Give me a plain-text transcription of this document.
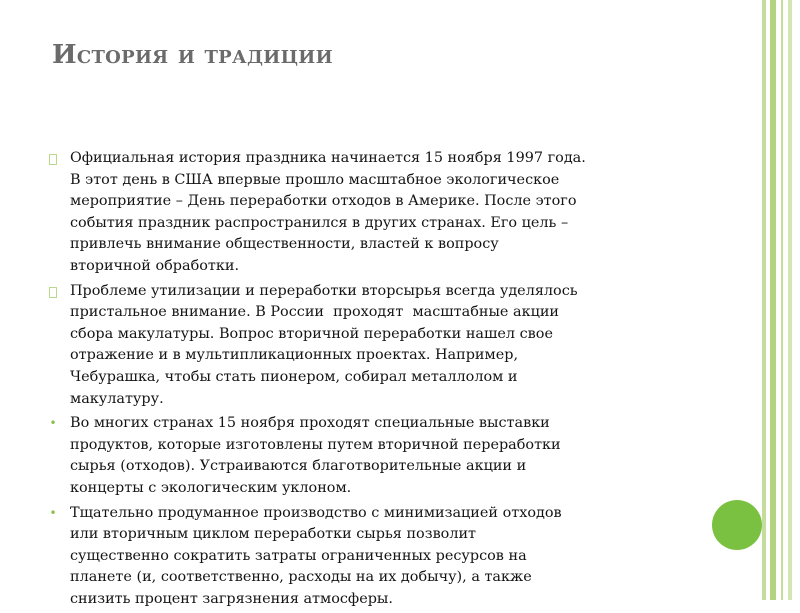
История и традиции
Официальная история праздника начинается 15 ноября 1997 года.
В этот день в США впервые прошло масштабное экологическое
мероприятие – День переработки отходов в Америке. После этого
события праздник распространился в других странах. Его цель –
привлечь внимание общественности, властей к вопросу
вторичной обработки.
Проблеме утилизации и переработки вторсырья всегда уделялось
пристальное внимание. В России  проходят  масштабные акции
сбора макулатуры. Вопрос вторичной переработки нашел свое
отражение и в мультипликационных проектах. Например,
Чебурашка, чтобы стать пионером, собирал металлолом и
макулатуру.
• Во многих странах 15 ноября проходят специальные выставки
продуктов, которые изготовлены путем вторичной переработки
сырья (отходов). Устраиваются благотворительные акции и
концерты с экологическим уклоном.
• Тщательно продуманное производство с минимизацией отходов
или вторичным циклом переработки сырья позволит
существенно сократить затраты ограниченных ресурсов на
планете (и, соответственно, расходы на их добычу), а также
снизить процент загрязнения атмосферы.
